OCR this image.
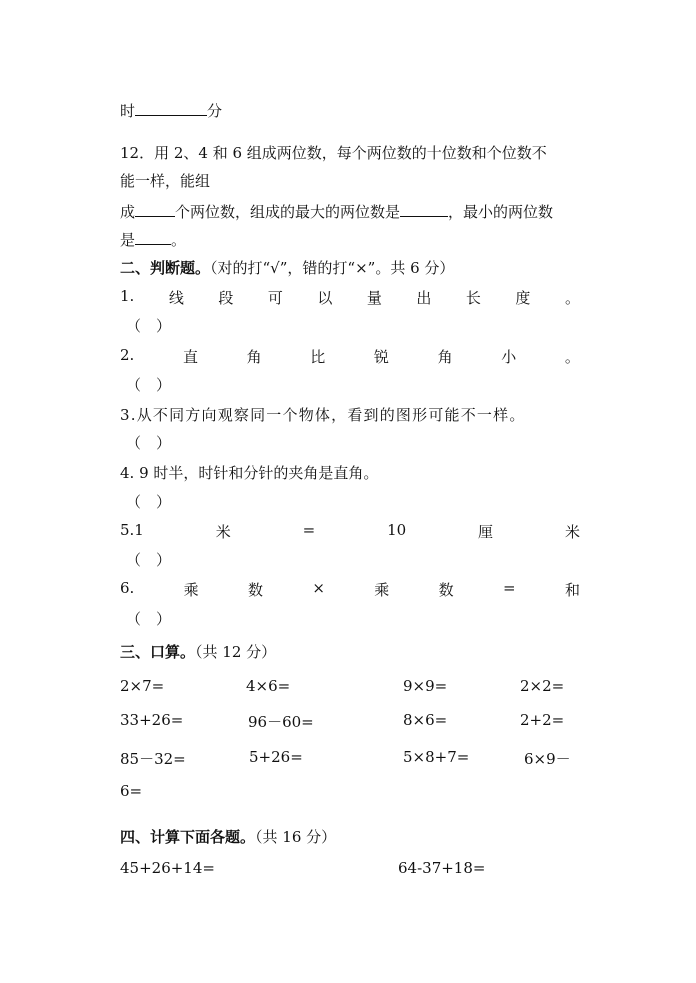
时	分
12．用 2、4 和 6 组成两位数，每个两位数的十位数和个位数不
能一样，能组
成	个两位数，组成的最大的两位数是	，最小的两位数
是 。
二、判断题。（对的打“√”，错的打“×”。共 6 分）
1. 线 段 可 以 量 出 长 度 。
（　）
2.	直	角	比	锐	角	小	。
（　）
3.从不同方向观察同一个物体，看到的图形可能不一样。
（　）
4. 9 时半，时针和分针的夹角是直角。
（　）
5.1	米	=	10	厘	米
（　）
6.	乘	数	×	乘	数	=	和
（　）
三、口算。（共 12 分）
2×7=	4×6=	9×9=	2×2=
33+26=	96－60=	8×6=	2+2=
85－32=	5+26=	5×8+7=	6×9－
6=
四、计算下面各题。（共 16 分）
45+26+14=	64-37+18=
